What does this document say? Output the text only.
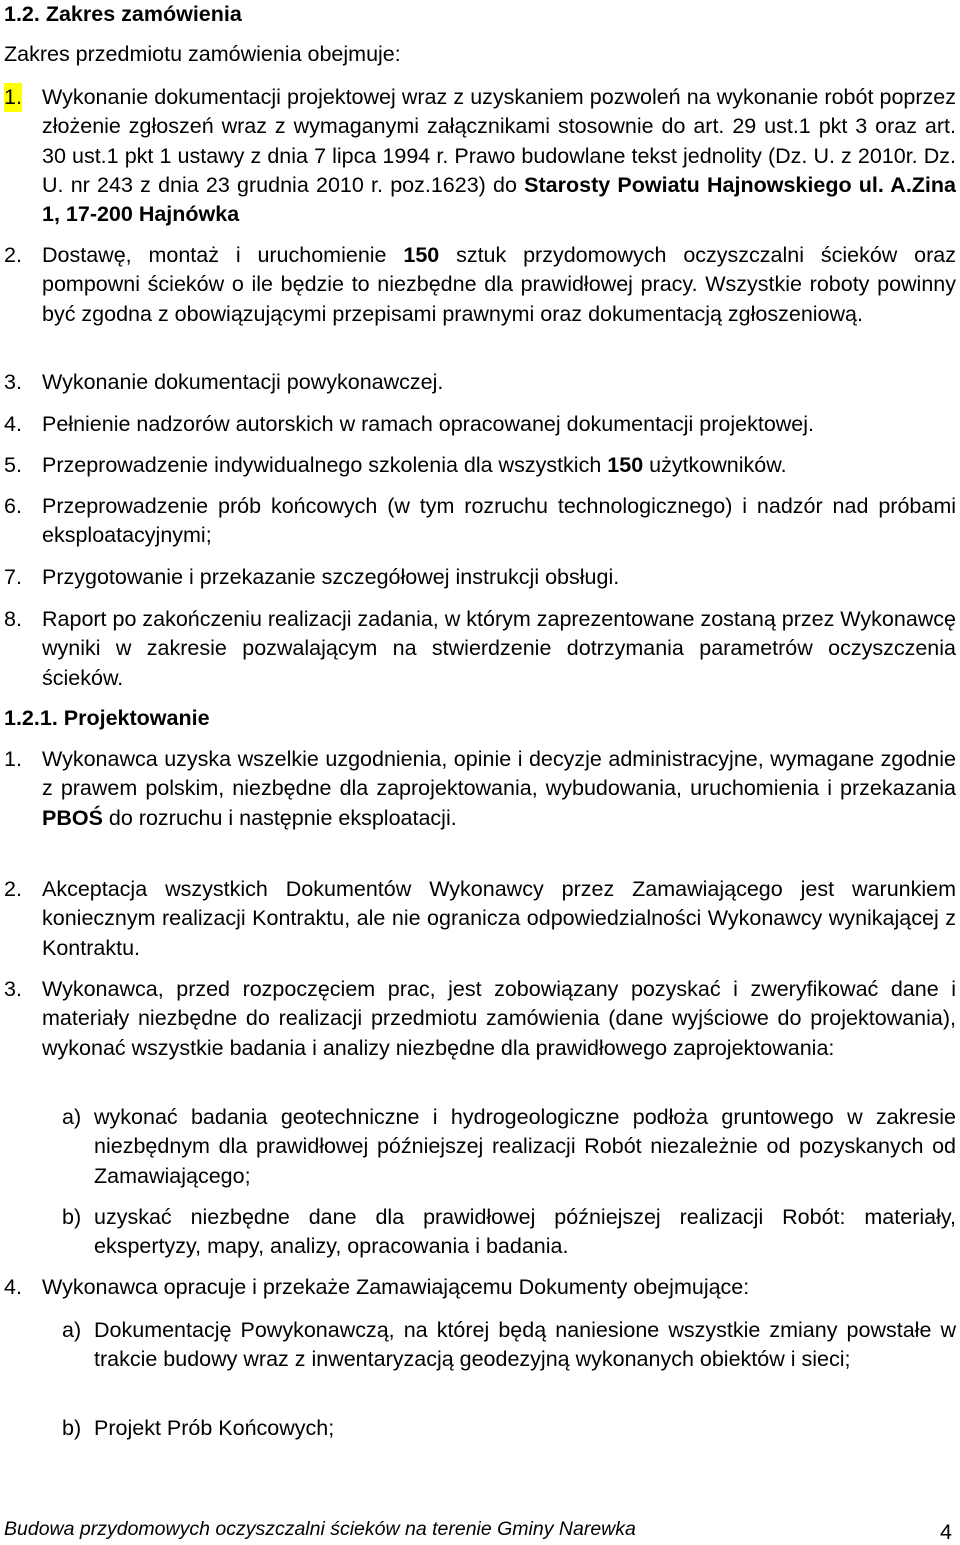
1.2. Zakres zamówienia
Zakres przedmiotu zamówienia obejmuje:
1. Wykonanie dokumentacji projektowej wraz z uzyskaniem pozwoleń na wykonanie robót poprzez złożenie zgłoszeń wraz z wymaganymi załącznikami stosownie do art. 29 ust.1 pkt 3 oraz art. 30 ust.1 pkt 1 ustawy z dnia 7 lipca 1994 r. Prawo budowlane tekst jednolity (Dz. U. z 2010r. Dz. U. nr 243 z dnia 23 grudnia 2010 r. poz.1623) do Starosty Powiatu Hajnowskiego ul. A.Zina 1, 17-200 Hajnówka
2. Dostawę, montaż i uruchomienie 150 sztuk przydomowych oczyszczalni ścieków oraz pompowni ścieków o ile będzie to niezbędne dla prawidłowej pracy. Wszystkie roboty powinny być zgodna z obowiązującymi przepisami prawnymi oraz dokumentacją zgłoszeniową.
3. Wykonanie dokumentacji powykonawczej.
4. Pełnienie nadzorów autorskich w ramach opracowanej dokumentacji projektowej.
5. Przeprowadzenie indywidualnego szkolenia dla wszystkich 150 użytkowników.
6. Przeprowadzenie prób końcowych (w tym rozruchu technologicznego) i nadzór nad próbami eksploatacyjnymi;
7. Przygotowanie i przekazanie szczegółowej instrukcji obsługi.
8. Raport po zakończeniu realizacji zadania, w którym zaprezentowane zostaną przez Wykonawcę wyniki w zakresie pozwalającym na stwierdzenie dotrzymania parametrów oczyszczenia ścieków.
1.2.1. Projektowanie
1. Wykonawca uzyska wszelkie uzgodnienia, opinie i decyzje administracyjne, wymagane zgodnie z prawem polskim, niezbędne dla zaprojektowania, wybudowania, uruchomienia i przekazania PBOŚ do rozruchu i następnie eksploatacji.
2. Akceptacja wszystkich Dokumentów Wykonawcy przez Zamawiającego jest warunkiem koniecznym realizacji Kontraktu, ale nie ogranicza odpowiedzialności Wykonawcy wynikającej z Kontraktu.
3. Wykonawca, przed rozpoczęciem prac, jest zobowiązany pozyskać i zweryfikować dane i materiały niezbędne do realizacji przedmiotu zamówienia (dane wyjściowe do projektowania), wykonać wszystkie badania i analizy niezbędne dla prawidłowego zaprojektowania:
a) wykonać badania geotechniczne i hydrogeologiczne podłoża gruntowego w zakresie niezbędnym dla prawidłowej późniejszej realizacji Robót niezależnie od pozyskanych od Zamawiającego;
b) uzyskać niezbędne dane dla prawidłowej późniejszej realizacji Robót: materiały, ekspertyzy, mapy, analizy, opracowania i badania.
4. Wykonawca opracuje i przekaże Zamawiającemu Dokumenty obejmujące:
a) Dokumentację Powykonawczą, na której będą naniesione wszystkie zmiany powstałe w trakcie budowy wraz z inwentaryzacją geodezyjną wykonanych obiektów i sieci;
b) Projekt Prób Końcowych;
Budowa przydomowych oczyszczalni ścieków na terenie Gminy Narewka	4
